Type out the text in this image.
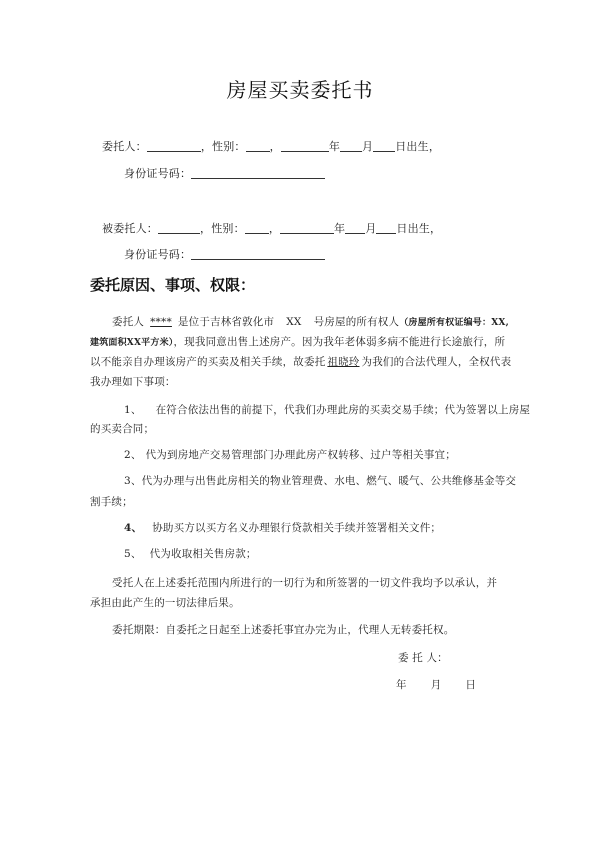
房屋买卖委托书
委托人：	，性别： ，	年 月 日出生，
身份证号码：
被委托人：	，性别： ，	年 月 日出生，
身份证号码：
委托原因、事项、权限：
委托人 **** 是位于吉林省敦化市 XX 号房屋的所有权人（房屋所有权证编号：XX,
建筑面积XX平方米），现我同意出售上述房产。因为我年老体弱多病不能进行长途旅行，所
以不能亲自办理该房产的买卖及相关手续，故委托 祖晓玲 为我们的合法代理人，全权代表
我办理如下事项：
1、 在符合依法出售的前提下，代我们办理此房的买卖交易手续；代为签署以上房屋
的买卖合同；
2、 代为到房地产交易管理部门办理此房产权转移、过户等相关事宜；
3、代为办理与出售此房相关的物业管理费、水电、燃气、暖气、公共维修基金等交
割手续；
4、 协助买方以买方名义办理银行贷款相关手续并签署相关文件；
5、 代为收取相关售房款；
受托人在上述委托范围内所进行的一切行为和所签署的一切文件我均予以承认，并
承担由此产生的一切法律后果。
委托期限：自委托之日起至上述委托事宜办完为止，代理人无转委托权。
委 托 人：
年 月 日
